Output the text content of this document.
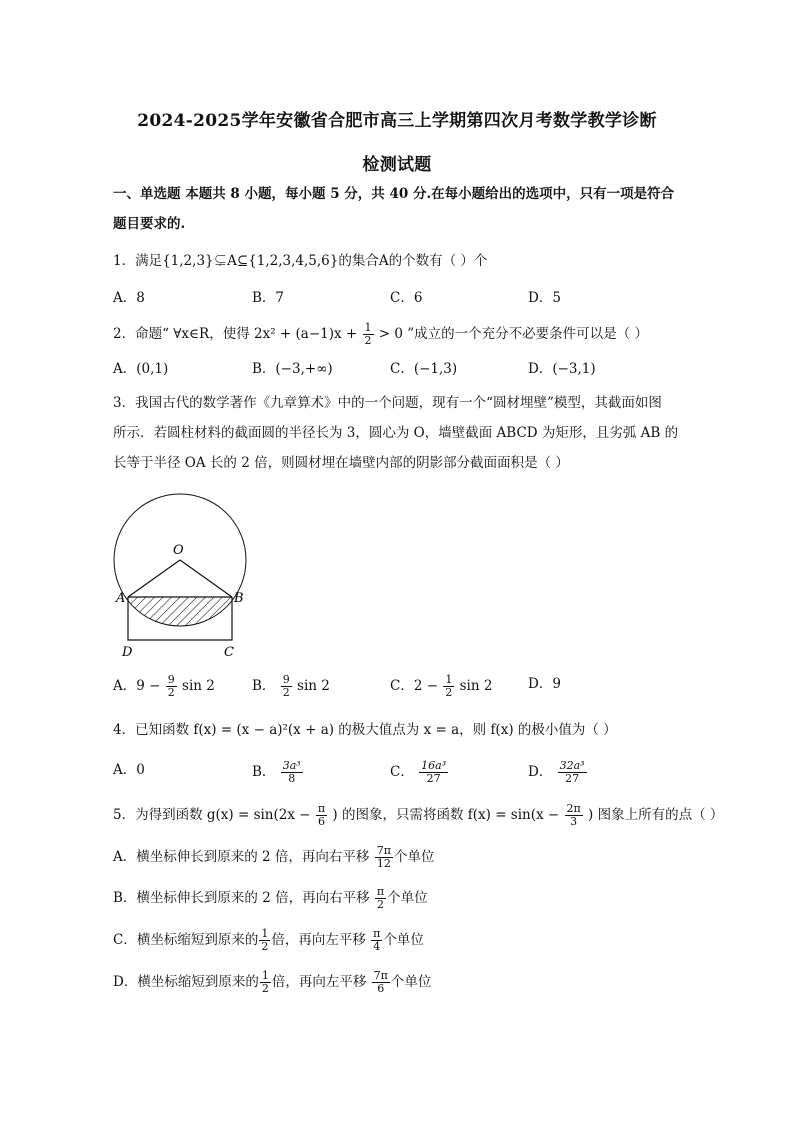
2024-2025学年安徽省合肥市高三上学期第四次月考数学教学诊断
检测试题
一、单选题 本题共 8 小题，每小题 5 分，共 40 分.在每小题给出的选项中，只有一项是符合
题目要求的.
1．满足{1,2,3}⊊A⊆{1,2,3,4,5,6}的集合A的个数有（ ）个
A．8	B．7	C．6	D．5
2．命题“ ∀x∈R，使得 $2x^2 + (a-1)x + \frac{1}{2} > 0$ ”成立的一个充分不必要条件可以是（ ）
A．(0,1)	B．(−3,+∞)	C．(−1,3)	D．(−3,1)
3．我国古代的数学著作《九章算术》中的一个问题，现有一个“圆材埋壁”模型，其截面如图
所示．若圆柱材料的截面圆的半径长为 3，圆心为 O，墙壁截面 ABCD 为矩形，且劣弧 AB 的
长等于半径 OA 长的 2 倍，则圆材埋在墙壁内部的阴影部分截面面积是（ ）
O
A	B
D	C
A．$9 - \frac{9}{2}$ sin 2	B． $\frac{9}{2}$ sin 2	C．$2 - \frac{1}{2}$ sin 2	D．9
4．已知函数 f(x) = (x − a)²(x + a) 的极大值点为 x = a，则 f(x) 的极小值为（ ）
A．0	B． $\frac{\text{3a³}}{8}$	C． $\frac{\text{16a³}}{27}$	D． $\frac{\text{32a³}}{27}$
5．为得到函数 $g(x) = \sin(2x - \frac{\pi}{6}$ ) 的图象，只需将函数 $f(x) = \sin(x - \frac{2\pi}{3}$ ) 图象上所有的点（ ）
A．横坐标伸长到原来的 2 倍，再向右平移 $\frac{7\pi}{12}$ 个单位
B．横坐标伸长到原来的 2 倍，再向右平移 $\frac{\pi}{2}$ 个单位
C．横坐标缩短到原来的 $\frac{1}{2}$ 倍，再向左平移 $\frac{\pi}{4}$ 个单位
D．横坐标缩短到原来的 $\frac{1}{2}$ 倍，再向左平移 $\frac{7\pi}{6}$ 个单位
